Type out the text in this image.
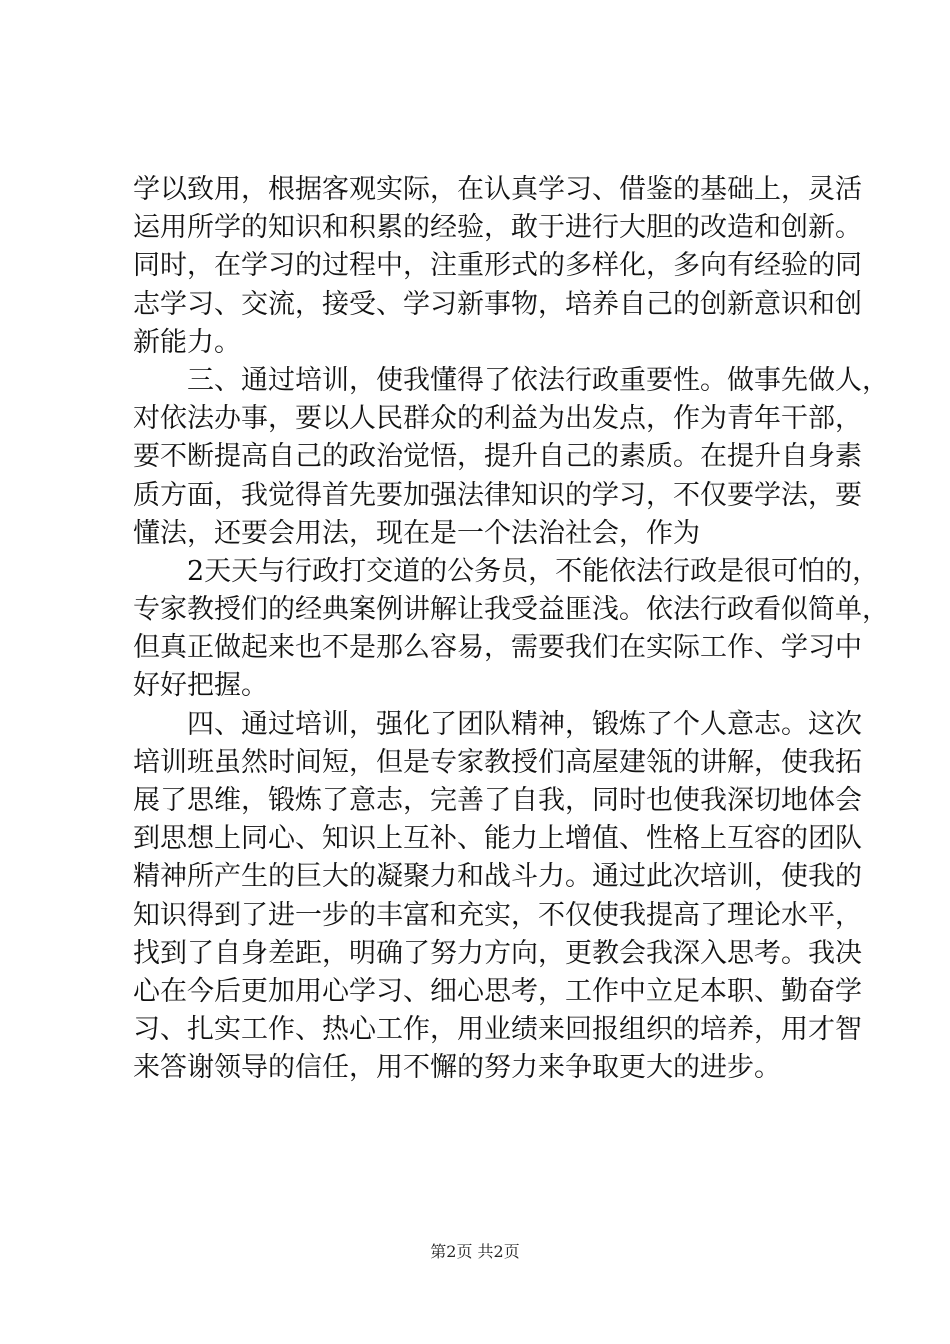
学以致用，根据客观实际，在认真学习、借鉴的基础上，灵活
运用所学的知识和积累的经验，敢于进行大胆的改造和创新。
同时，在学习的过程中，注重形式的多样化，多向有经验的同
志学习、交流，接受、学习新事物，培养自己的创新意识和创
新能力。
　　三、通过培训，使我懂得了依法行政重要性。做事先做人，
对依法办事，要以人民群众的利益为出发点，作为青年干部，
要不断提高自己的政治觉悟，提升自己的素质。在提升自身素
质方面，我觉得首先要加强法律知识的学习，不仅要学法，要
懂法，还要会用法，现在是一个法治社会，作为
　　2天天与行政打交道的公务员，不能依法行政是很可怕的，
专家教授们的经典案例讲解让我受益匪浅。依法行政看似简单，
但真正做起来也不是那么容易，需要我们在实际工作、学习中
好好把握。
　　四、通过培训，强化了团队精神，锻炼了个人意志。这次
培训班虽然时间短，但是专家教授们高屋建瓴的讲解，使我拓
展了思维，锻炼了意志，完善了自我，同时也使我深切地体会
到思想上同心、知识上互补、能力上增值、性格上互容的团队
精神所产生的巨大的凝聚力和战斗力。通过此次培训，使我的
知识得到了进一步的丰富和充实，不仅使我提高了理论水平，
找到了自身差距，明确了努力方向，更教会我深入思考。我决
心在今后更加用心学习、细心思考，工作中立足本职、勤奋学
习、扎实工作、热心工作，用业绩来回报组织的培养，用才智
来答谢领导的信任，用不懈的努力来争取更大的进步。
第2页 共2页
